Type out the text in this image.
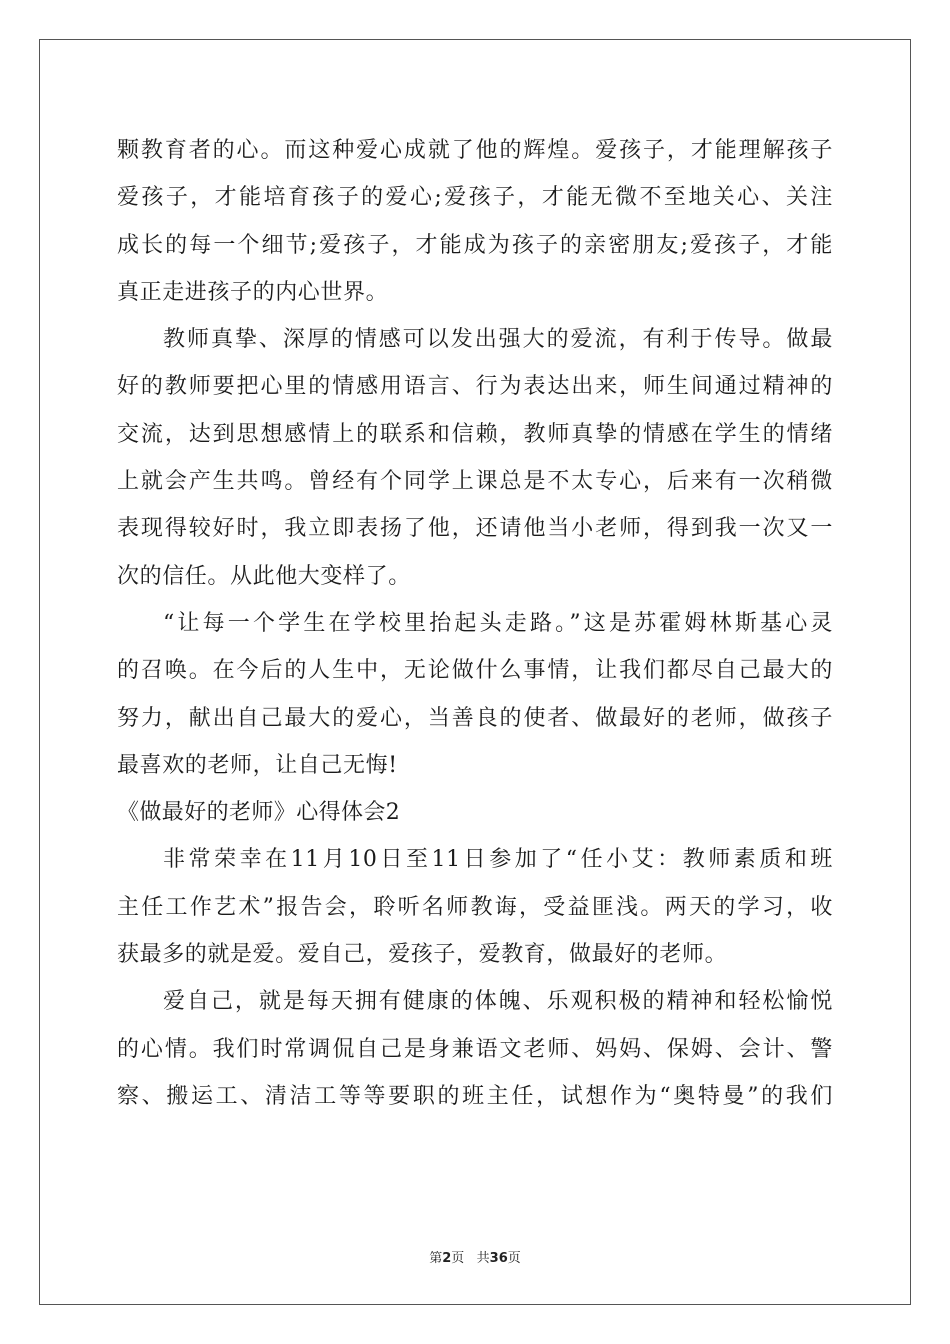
颗教育者的心。而这种爱心成就了他的辉煌。爱孩子，才能理解孩子
爱孩子，才能培育孩子的爱心;爱孩子，才能无微不至地关心、关注
成长的每一个细节;爱孩子，才能成为孩子的亲密朋友;爱孩子，才能
真正走进孩子的内心世界。
教师真挚、深厚的情感可以发出强大的爱流，有利于传导。做最
好的教师要把心里的情感用语言、行为表达出来，师生间通过精神的
交流，达到思想感情上的联系和信赖，教师真挚的情感在学生的情绪
上就会产生共鸣。曾经有个同学上课总是不太专心，后来有一次稍微
表现得较好时，我立即表扬了他，还请他当小老师，得到我一次又一
次的信任。从此他大变样了。
“让每一个学生在学校里抬起头走路。”这是苏霍姆林斯基心灵
的召唤。在今后的人生中，无论做什么事情，让我们都尽自己最大的
努力，献出自己最大的爱心，当善良的使者、做最好的老师，做孩子
最喜欢的老师，让自己无悔!
《做最好的老师》心得体会2
非常荣幸在11月10日至11日参加了“任小艾：教师素质和班
主任工作艺术”报告会，聆听名师教诲，受益匪浅。两天的学习，收
获最多的就是爱。爱自己，爱孩子，爱教育，做最好的老师。
爱自己，就是每天拥有健康的体魄、乐观积极的精神和轻松愉悦
的心情。我们时常调侃自己是身兼语文老师、妈妈、保姆、会计、警
察、搬运工、清洁工等等要职的班主任，试想作为“奥特曼”的我们
第2页   共36页
